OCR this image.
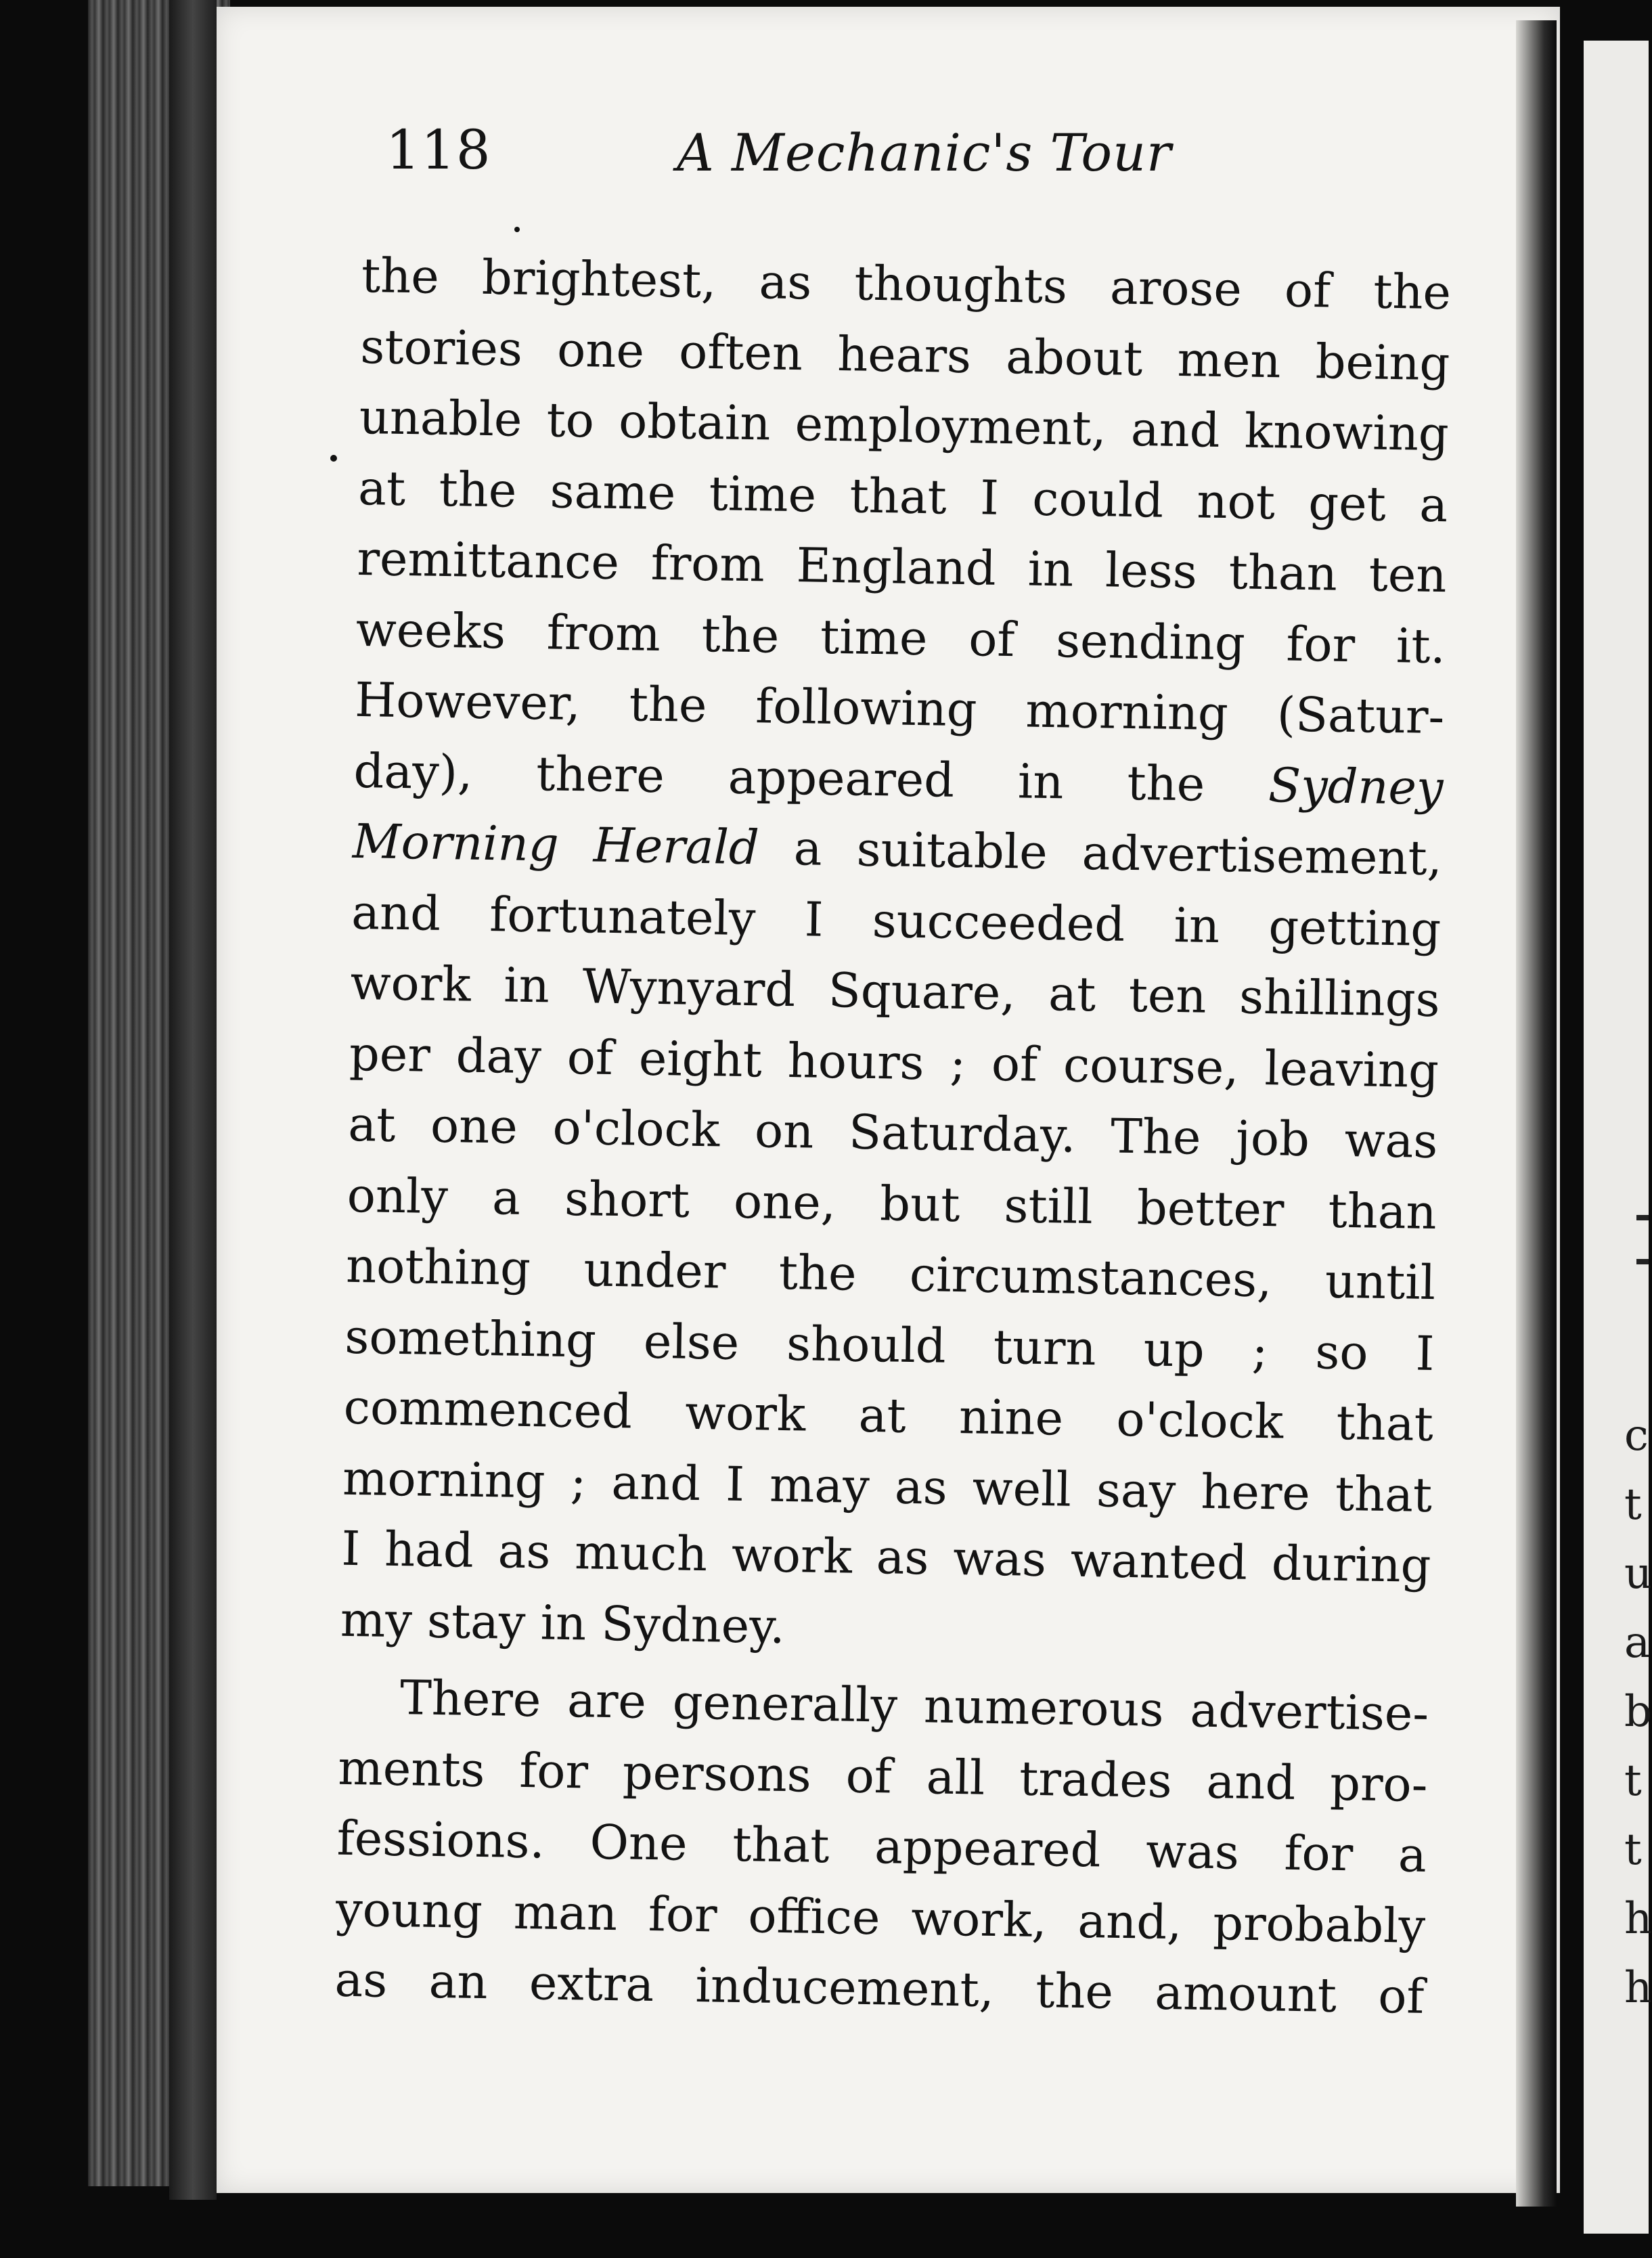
c
t
u
a
b
t
t
h
h
118	A Mechanic's Tour
the brightest, as thoughts arose of the
stories one often hears about men being
unable to obtain employment, and knowing
at the same time that I could not get a
remittance from England in less than ten
weeks from the time of sending for it.
However, the following morning (Satur-
day), there appeared in the Sydney
Morning Herald a suitable advertisement,
and fortunately I succeeded in getting
work in Wynyard Square, at ten shillings
per day of eight hours ; of course, leaving
at one o'clock on Saturday. The job was
only a short one, but still better than
nothing under the circumstances, until
something else should turn up ; so I
commenced work at nine o'clock that
morning ; and I may as well say here that
I had as much work as was wanted during
my stay in Sydney.
There are generally numerous advertise-
ments for persons of all trades and pro-
fessions. One that appeared was for a
young man for office work, and, probably
as an extra inducement, the amount of
